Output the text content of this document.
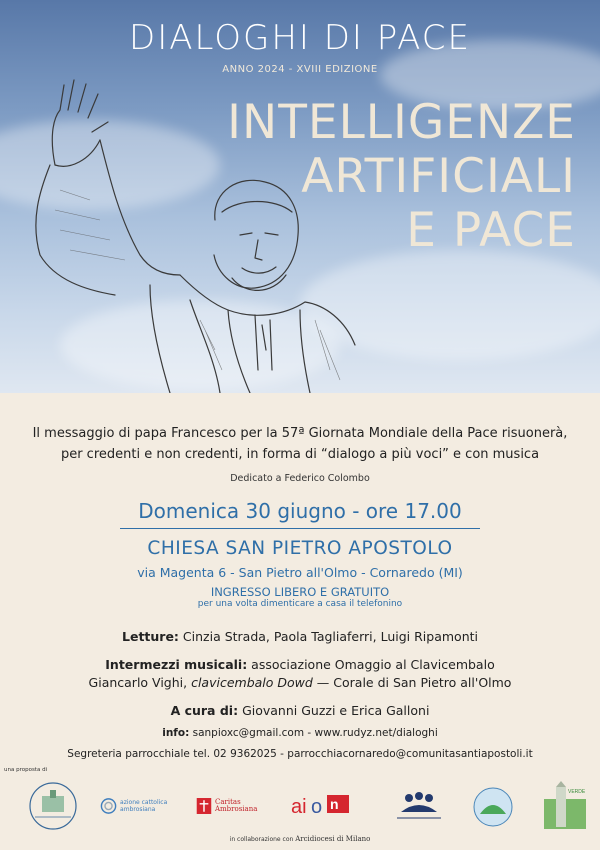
DIALOGHI DI PACE
ANNO 2024 - XVIII EDIZIONE
INTELLIGENZE
ARTIFICIALI
E PACE
Il messaggio di papa Francesco per la 57ª Giornata Mondiale della Pace risuonerà,
per credenti e non credenti, in forma di “dialogo a più voci” e con musica
Dedicato a Federico Colombo
Domenica 30 giugno - ore 17.00
CHIESA SAN PIETRO APOSTOLO
via Magenta 6 - San Pietro all'Olmo - Cornaredo (MI)
INGRESSO LIBERO E GRATUITO
per una volta dimenticare a casa il telefonino
Letture: Cinzia Strada, Paola Tagliaferri, Luigi Ripamonti
Intermezzi musicali: associazione Omaggio al Clavicembalo
Giancarlo Vighi, clavicembalo Dowd — Corale di San Pietro all'Olmo
A cura di: Giovanni Guzzi e Erica Galloni
info: sanpioxc@gmail.com - www.rudyz.net/dialoghi
Segreteria parrocchiale tel. 02 9362025 - parrocchiacornaredo@comunitasantiapostoli.it
una proposta di
azione cattolica ambrosiana
Caritas Ambrosiana	ai o n
VERDE
in collaborazione con Arcidiocesi di Milano
